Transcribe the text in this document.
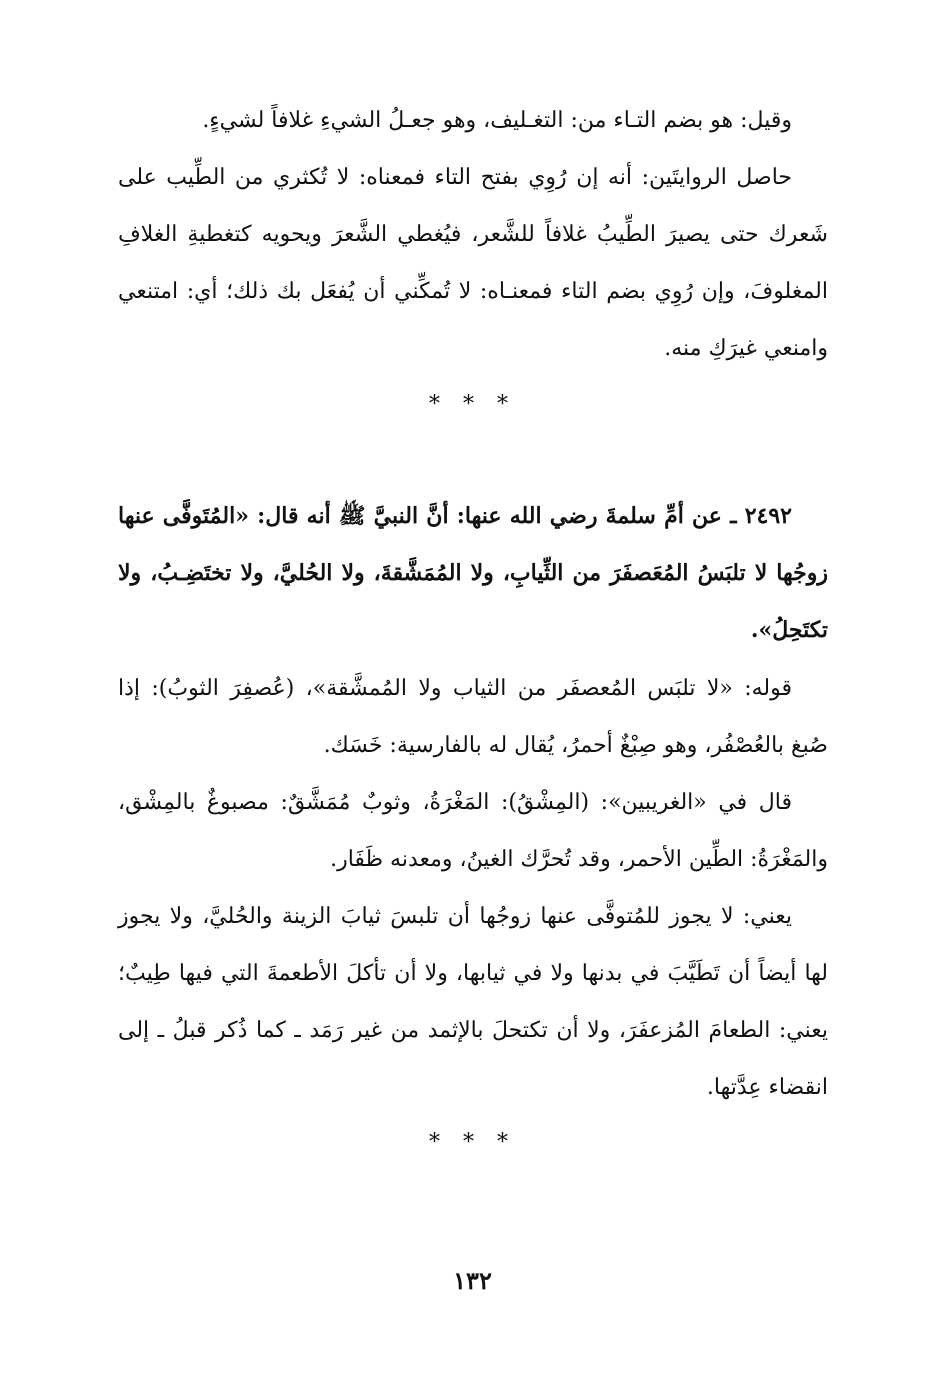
وقيل: هو بضم التـاء من: التغـليف، وهو جعـلُ الشيءِ غلافاً لشيءٍ.

حاصل الروايتَين: أنه إن رُوِي بفتح التاء فمعناه: لا تُكثري من الطِّيب على شَعرك حتى يصيرَ الطِّيبُ غلافاً للشَّعر، فيُغطي الشَّعرَ ويحويه كتغطيةِ الغلافِ المغلوفَ، وإن رُوِي بضم التاء فمعنـاه: لا تُمكِّني أن يُفعَل بك ذلك؛ أي: امتنعي وامنعي غيرَكِ منه.

* * *

٢٤٩٢ ـ عن أمِّ سلمةَ رضي الله عنها: أنَّ النبيَّ ﷺ أنه قال: «المُتَوفَّى عنها زوجُها لا تلبَسُ المُعَصفَرَ من الثِّيابِ، ولا المُمَشَّقةَ، ولا الحُليَّ، ولا تختَضِـبُ، ولا تكتَحِلُ».

قوله: «لا تلبَس المُعصفَر من الثياب ولا المُمشَّقة»، (عُصفِرَ الثوبُ): إذا صُبغ بالعُصْفُر، وهو صِبْغٌ أحمرُ، يُقال له بالفارسية: خَسَك.

قال في «الغريبين»: (المِشْقُ): المَغْرَةُ، وثوبٌ مُمَشَّقٌ: مصبوغٌ بالمِشْق، والمَغْرَةُ: الطِّين الأحمر، وقد تُحرَّك الغينُ، ومعدنه ظَفَار.

يعني: لا يجوز للمُتوفَّى عنها زوجُها أن تلبسَ ثيابَ الزينة والحُليَّ، ولا يجوز لها أيضاً أن تَطَيَّبَ في بدنها ولا في ثيابها، ولا أن تأكلَ الأطعمةَ التي فيها طِيبٌ؛ يعني: الطعامَ المُزعفَرَ، ولا أن تكتحلَ بالإثمد من غير رَمَد ـ كما ذُكر قبلُ ـ إلى انقضاء عِدَّتها.

* * *
١٣٢
